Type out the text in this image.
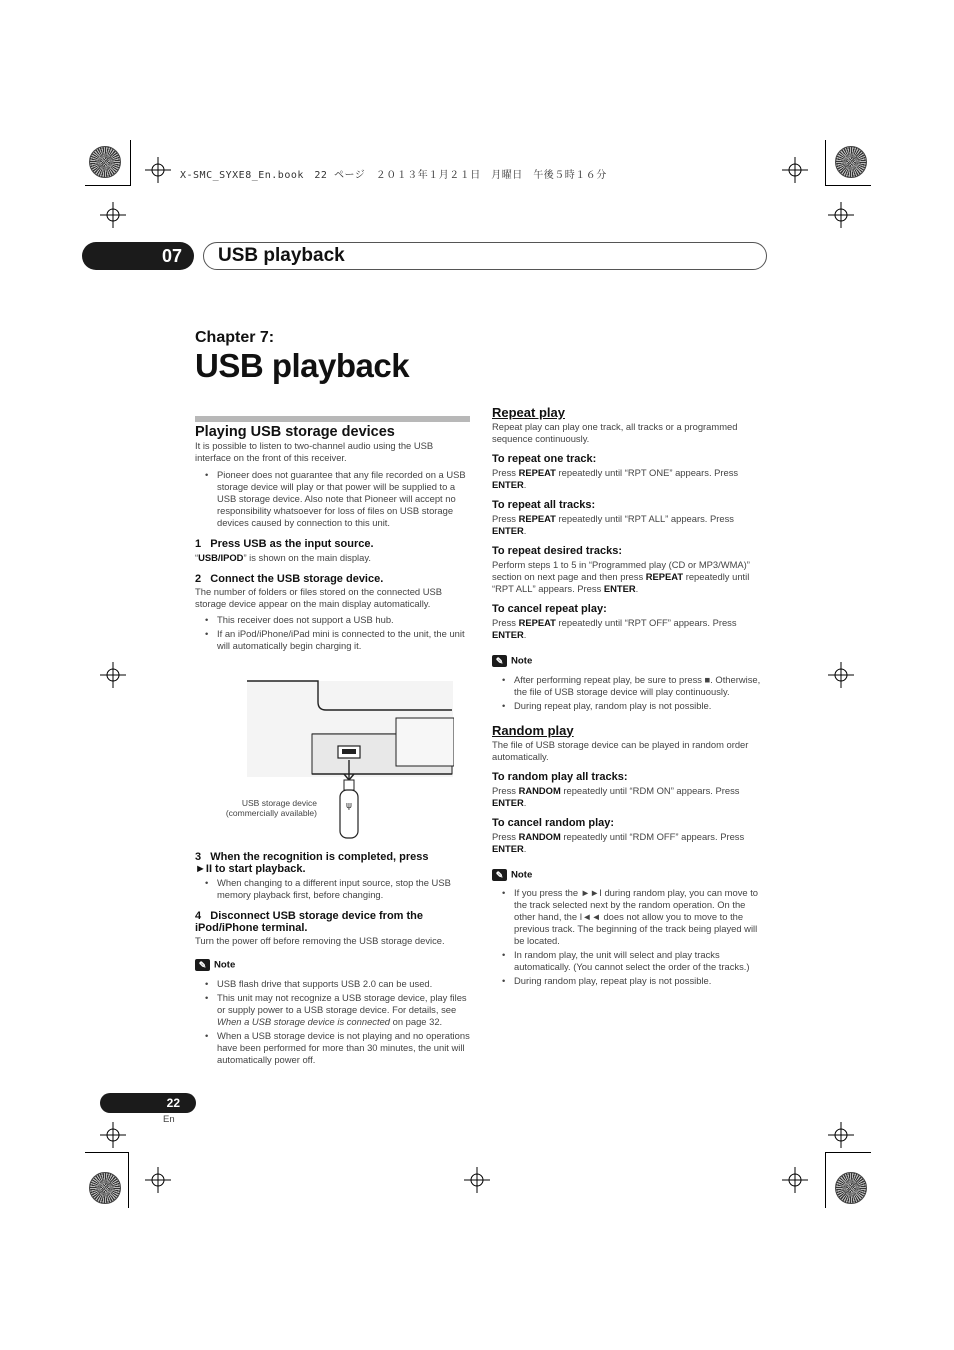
X-SMC_SYXE8_En.book　22 ページ　２０１３年１月２１日　月曜日　午後５時１６分
07	USB playback
Chapter 7:
USB playback
Playing USB storage devices

It is possible to listen to two-channel audio using the USB interface on the front of this receiver.

• Pioneer does not guarantee that any file recorded on a USB storage device will play or that power will be supplied to a USB storage device. Also note that Pioneer will accept no responsibility whatsoever for loss of files on USB storage devices caused by connection to this unit.
1 Press USB as the input source.

“USB/IPOD” is shown on the main display.

2 Connect the USB storage device.

The number of folders or files stored on the connected USB storage device appear on the main display automatically.

• This receiver does not support a USB hub.
• If an iPod/iPhone/iPad mini is connected to the unit, the unit will automatically begin charging it.
ψ
USB storage device
(commercially available)
3 When the recognition is completed, press
►II to start playback.
• When changing to a different input source, stop the USB memory playback first, before changing.
4 Disconnect USB storage device from the
iPod/iPhone terminal.

Turn the power off before removing the USB storage device.

✎ Note
• USB flash drive that supports USB 2.0 can be used.
• This unit may not recognize a USB storage device, play files or supply power to a USB storage device. For details, see When a USB storage device is connected on page 32.
• When a USB storage device is not playing and no operations have been performed for more than 30 minutes, the unit will automatically power off.
Repeat play

Repeat play can play one track, all tracks or a programmed sequence continuously.

To repeat one track:

Press REPEAT repeatedly until “RPT ONE” appears. Press ENTER.

To repeat all tracks:

Press REPEAT repeatedly until “RPT ALL” appears. Press ENTER.

To repeat desired tracks:

Perform steps 1 to 5 in “Programmed play (CD or MP3/WMA)” section on next page and then press REPEAT repeatedly until “RPT ALL” appears. Press ENTER.

To cancel repeat play:

Press REPEAT repeatedly until “RPT OFF” appears. Press ENTER.

✎ Note
• After performing repeat play, be sure to press ■. Otherwise, the file of USB storage device will play continuously.
• During repeat play, random play is not possible.
Random play

The file of USB storage device can be played in random order automatically.

To random play all tracks:

Press RANDOM repeatedly until “RDM ON” appears. Press ENTER.

To cancel random play:

Press RANDOM repeatedly until “RDM OFF” appears. Press ENTER.

✎ Note
• If you press the ►►I during random play, you can move to the track selected next by the random operation. On the other hand, the I◄◄ does not allow you to move to the previous track. The beginning of the track being played will be located.
• In random play, the unit will select and play tracks automatically. (You cannot select the order of the tracks.)
• During random play, repeat play is not possible.
22
En
